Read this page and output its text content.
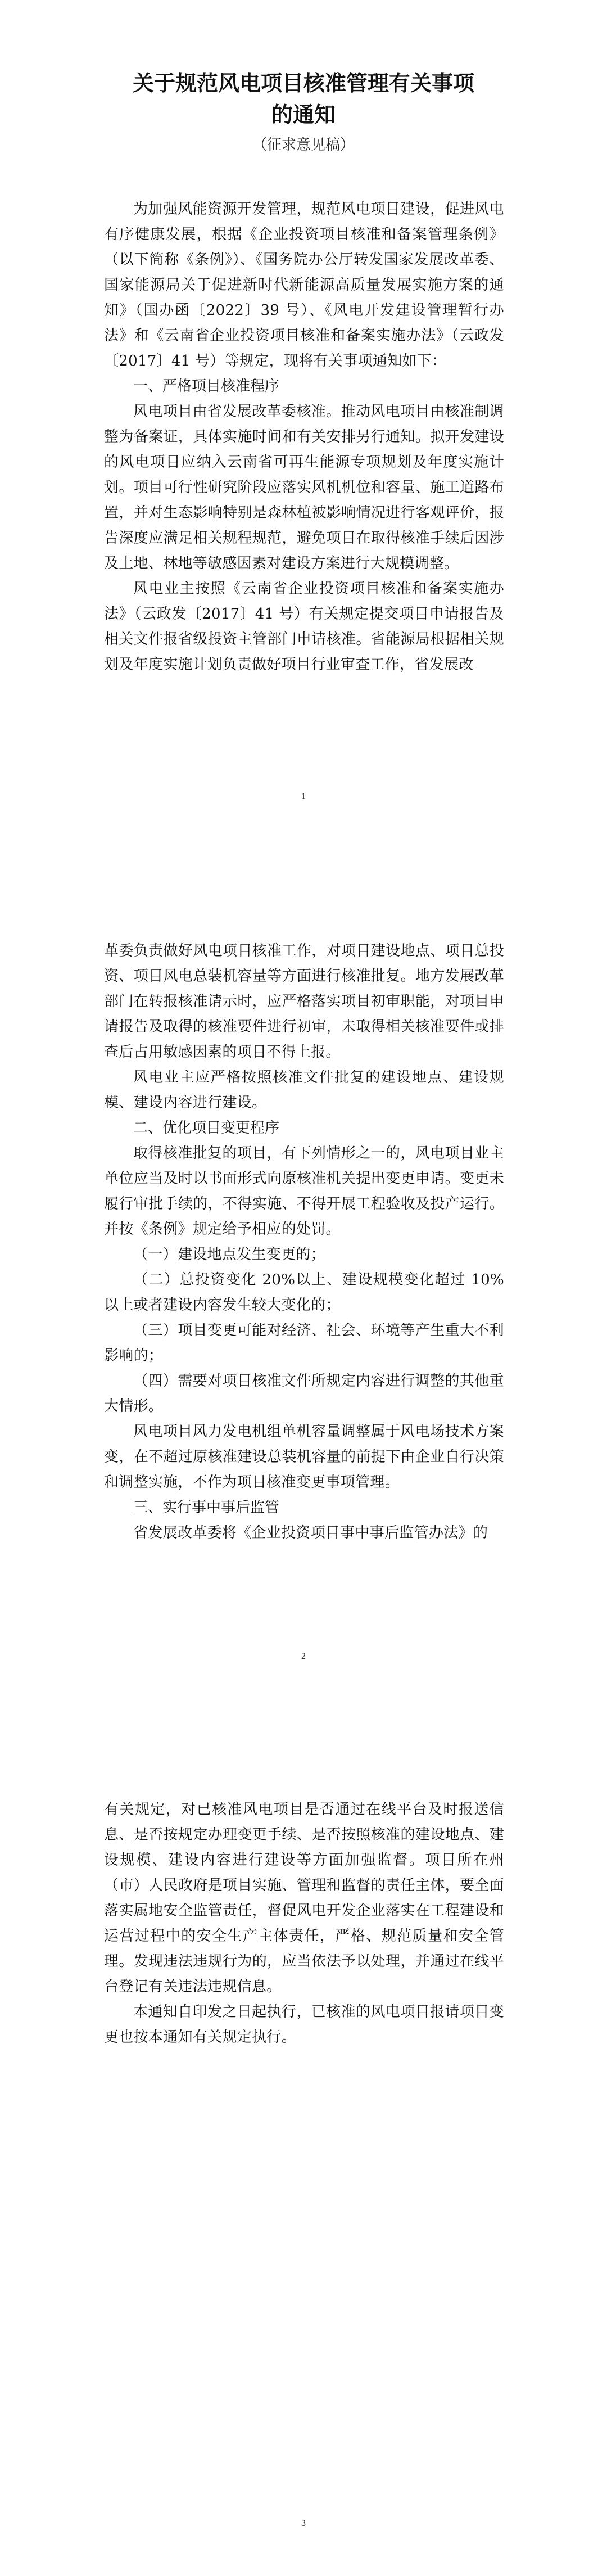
关于规范风电项目核准管理有关事项
的通知
（征求意见稿）

为加强风能资源开发管理，规范风电项目建设，促进风电有序健康发展，根据《企业投资项目核准和备案管理条例》（以下简称《条例》）、《国务院办公厅转发国家发展改革委、国家能源局关于促进新时代新能源高质量发展实施方案的通知》（国办函〔2022〕39 号）、《风电开发建设管理暂行办法》和《云南省企业投资项目核准和备案实施办法》（云政发〔2017〕41 号）等规定，现将有关事项通知如下：

一、严格项目核准程序

风电项目由省发展改革委核准。推动风电项目由核准制调整为备案证，具体实施时间和有关安排另行通知。拟开发建设的风电项目应纳入云南省可再生能源专项规划及年度实施计划。项目可行性研究阶段应落实风机机位和容量、施工道路布置，并对生态影响特别是森林植被影响情况进行客观评价，报告深度应满足相关规程规范，避免项目在取得核准手续后因涉及土地、林地等敏感因素对建设方案进行大规模调整。

风电业主按照《云南省企业投资项目核准和备案实施办法》（云政发〔2017〕41 号）有关规定提交项目申请报告及相关文件报省级投资主管部门申请核准。省能源局根据相关规划及年度实施计划负责做好项目行业审查工作，省发展改

1

革委负责做好风电项目核准工作，对项目建设地点、项目总投资、项目风电总装机容量等方面进行核准批复。地方发展改革部门在转报核准请示时，应严格落实项目初审职能，对项目申请报告及取得的核准要件进行初审，未取得相关核准要件或排查后占用敏感因素的项目不得上报。

风电业主应严格按照核准文件批复的建设地点、建设规模、建设内容进行建设。

二、优化项目变更程序

取得核准批复的项目，有下列情形之一的，风电项目业主单位应当及时以书面形式向原核准机关提出变更申请。变更未履行审批手续的，不得实施、不得开展工程验收及投产运行。并按《条例》规定给予相应的处罚。

（一）建设地点发生变更的；

（二）总投资变化 20%以上、建设规模变化超过 10%以上或者建设内容发生较大变化的；

（三）项目变更可能对经济、社会、环境等产生重大不利影响的；

（四）需要对项目核准文件所规定内容进行调整的其他重大情形。

风电项目风力发电机组单机容量调整属于风电场技术方案变，在不超过原核准建设总装机容量的前提下由企业自行决策和调整实施，不作为项目核准变更事项管理。

三、实行事中事后监管

省发展改革委将《企业投资项目事中事后监管办法》的

2

有关规定，对已核准风电项目是否通过在线平台及时报送信息、是否按规定办理变更手续、是否按照核准的建设地点、建设规模、建设内容进行建设等方面加强监督。项目所在州（市）人民政府是项目实施、管理和监督的责任主体，要全面落实属地安全监管责任，督促风电开发企业落实在工程建设和运营过程中的安全生产主体责任，严格、规范质量和安全管理。发现违法违规行为的，应当依法予以处理，并通过在线平台登记有关违法违规信息。

本通知自印发之日起执行，已核准的风电项目报请项目变更也按本通知有关规定执行。

3
